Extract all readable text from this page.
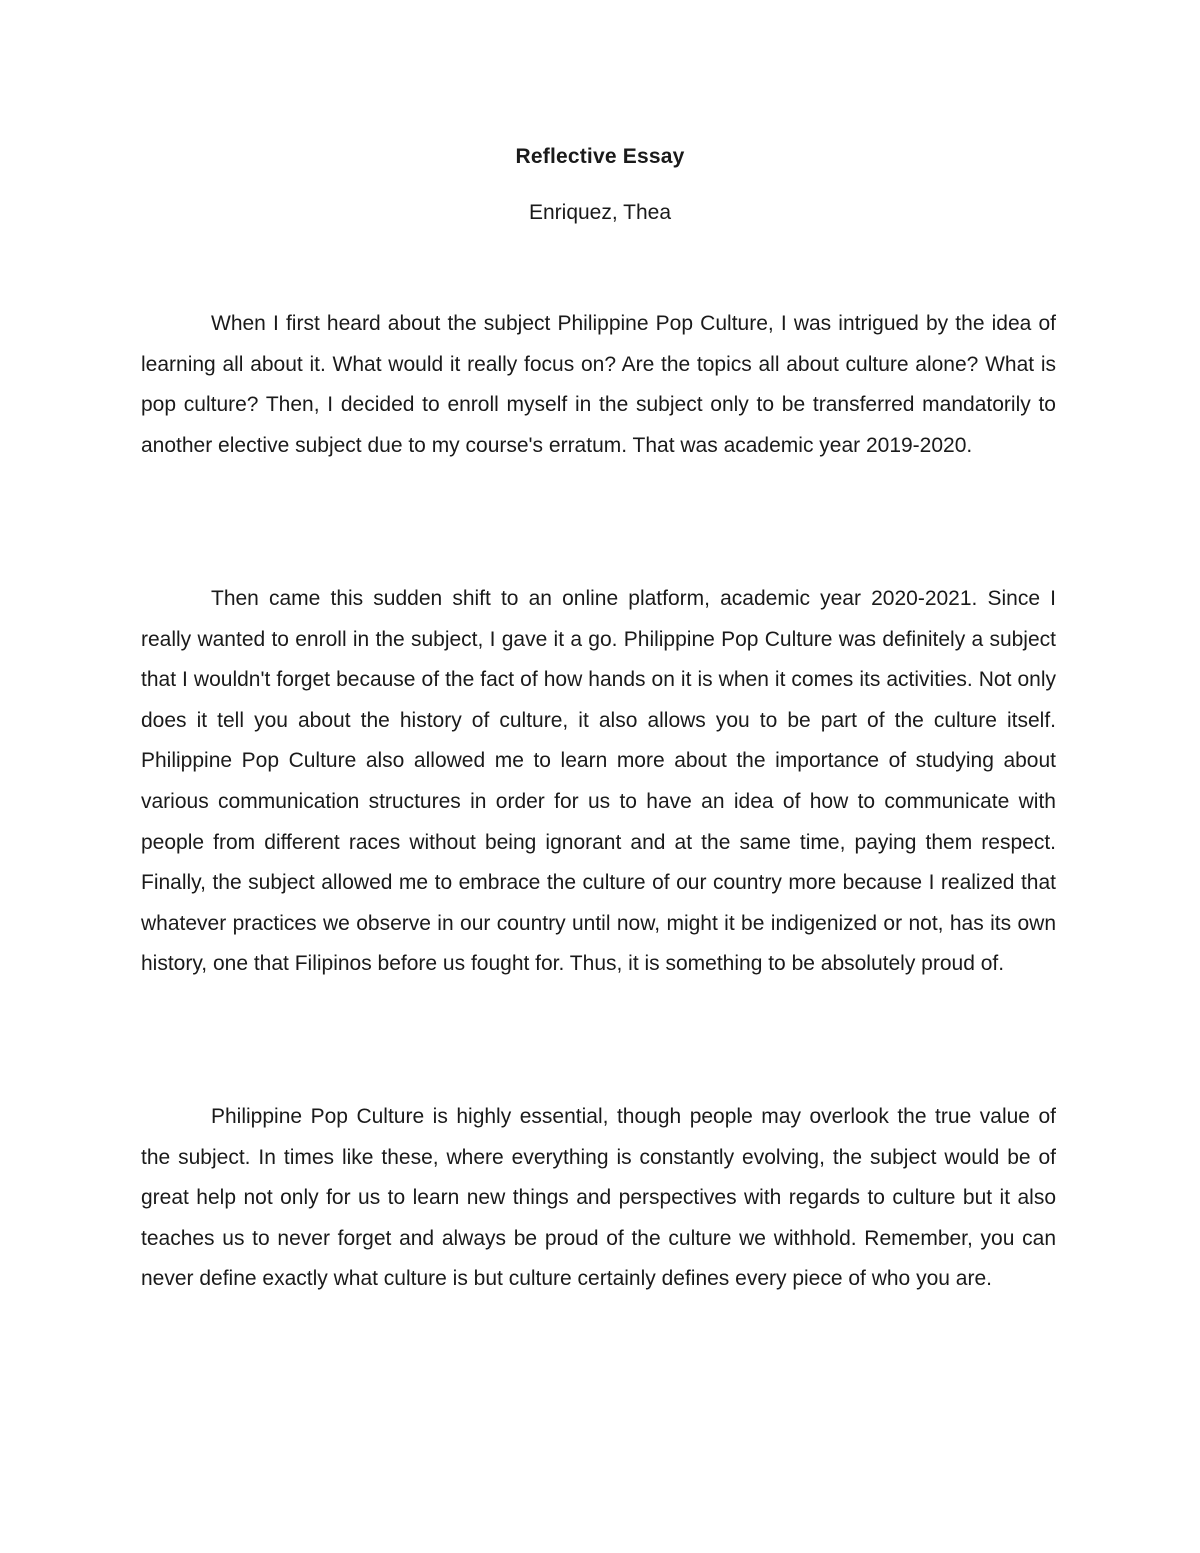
Reflective Essay
Enriquez, Thea

When I first heard about the subject Philippine Pop Culture, I was intrigued by the idea of learning all about it. What would it really focus on? Are the topics all about culture alone? What is pop culture? Then, I decided to enroll myself in the subject only to be transferred mandatorily to another elective subject due to my course's erratum. That was academic year 2019-2020.

Then came this sudden shift to an online platform, academic year 2020-2021. Since I really wanted to enroll in the subject, I gave it a go. Philippine Pop Culture was definitely a subject that I wouldn't forget because of the fact of how hands on it is when it comes its activities. Not only does it tell you about the history of culture, it also allows you to be part of the culture itself. Philippine Pop Culture also allowed me to learn more about the importance of studying about various communication structures in order for us to have an idea of how to communicate with people from different races without being ignorant and at the same time, paying them respect. Finally, the subject allowed me to embrace the culture of our country more because I realized that whatever practices we observe in our country until now, might it be indigenized or not, has its own history, one that Filipinos before us fought for. Thus, it is something to be absolutely proud of.

Philippine Pop Culture is highly essential, though people may overlook the true value of the subject. In times like these, where everything is constantly evolving, the subject would be of great help not only for us to learn new things and perspectives with regards to culture but it also teaches us to never forget and always be proud of the culture we withhold. Remember, you can never define exactly what culture is but culture certainly defines every piece of who you are.
